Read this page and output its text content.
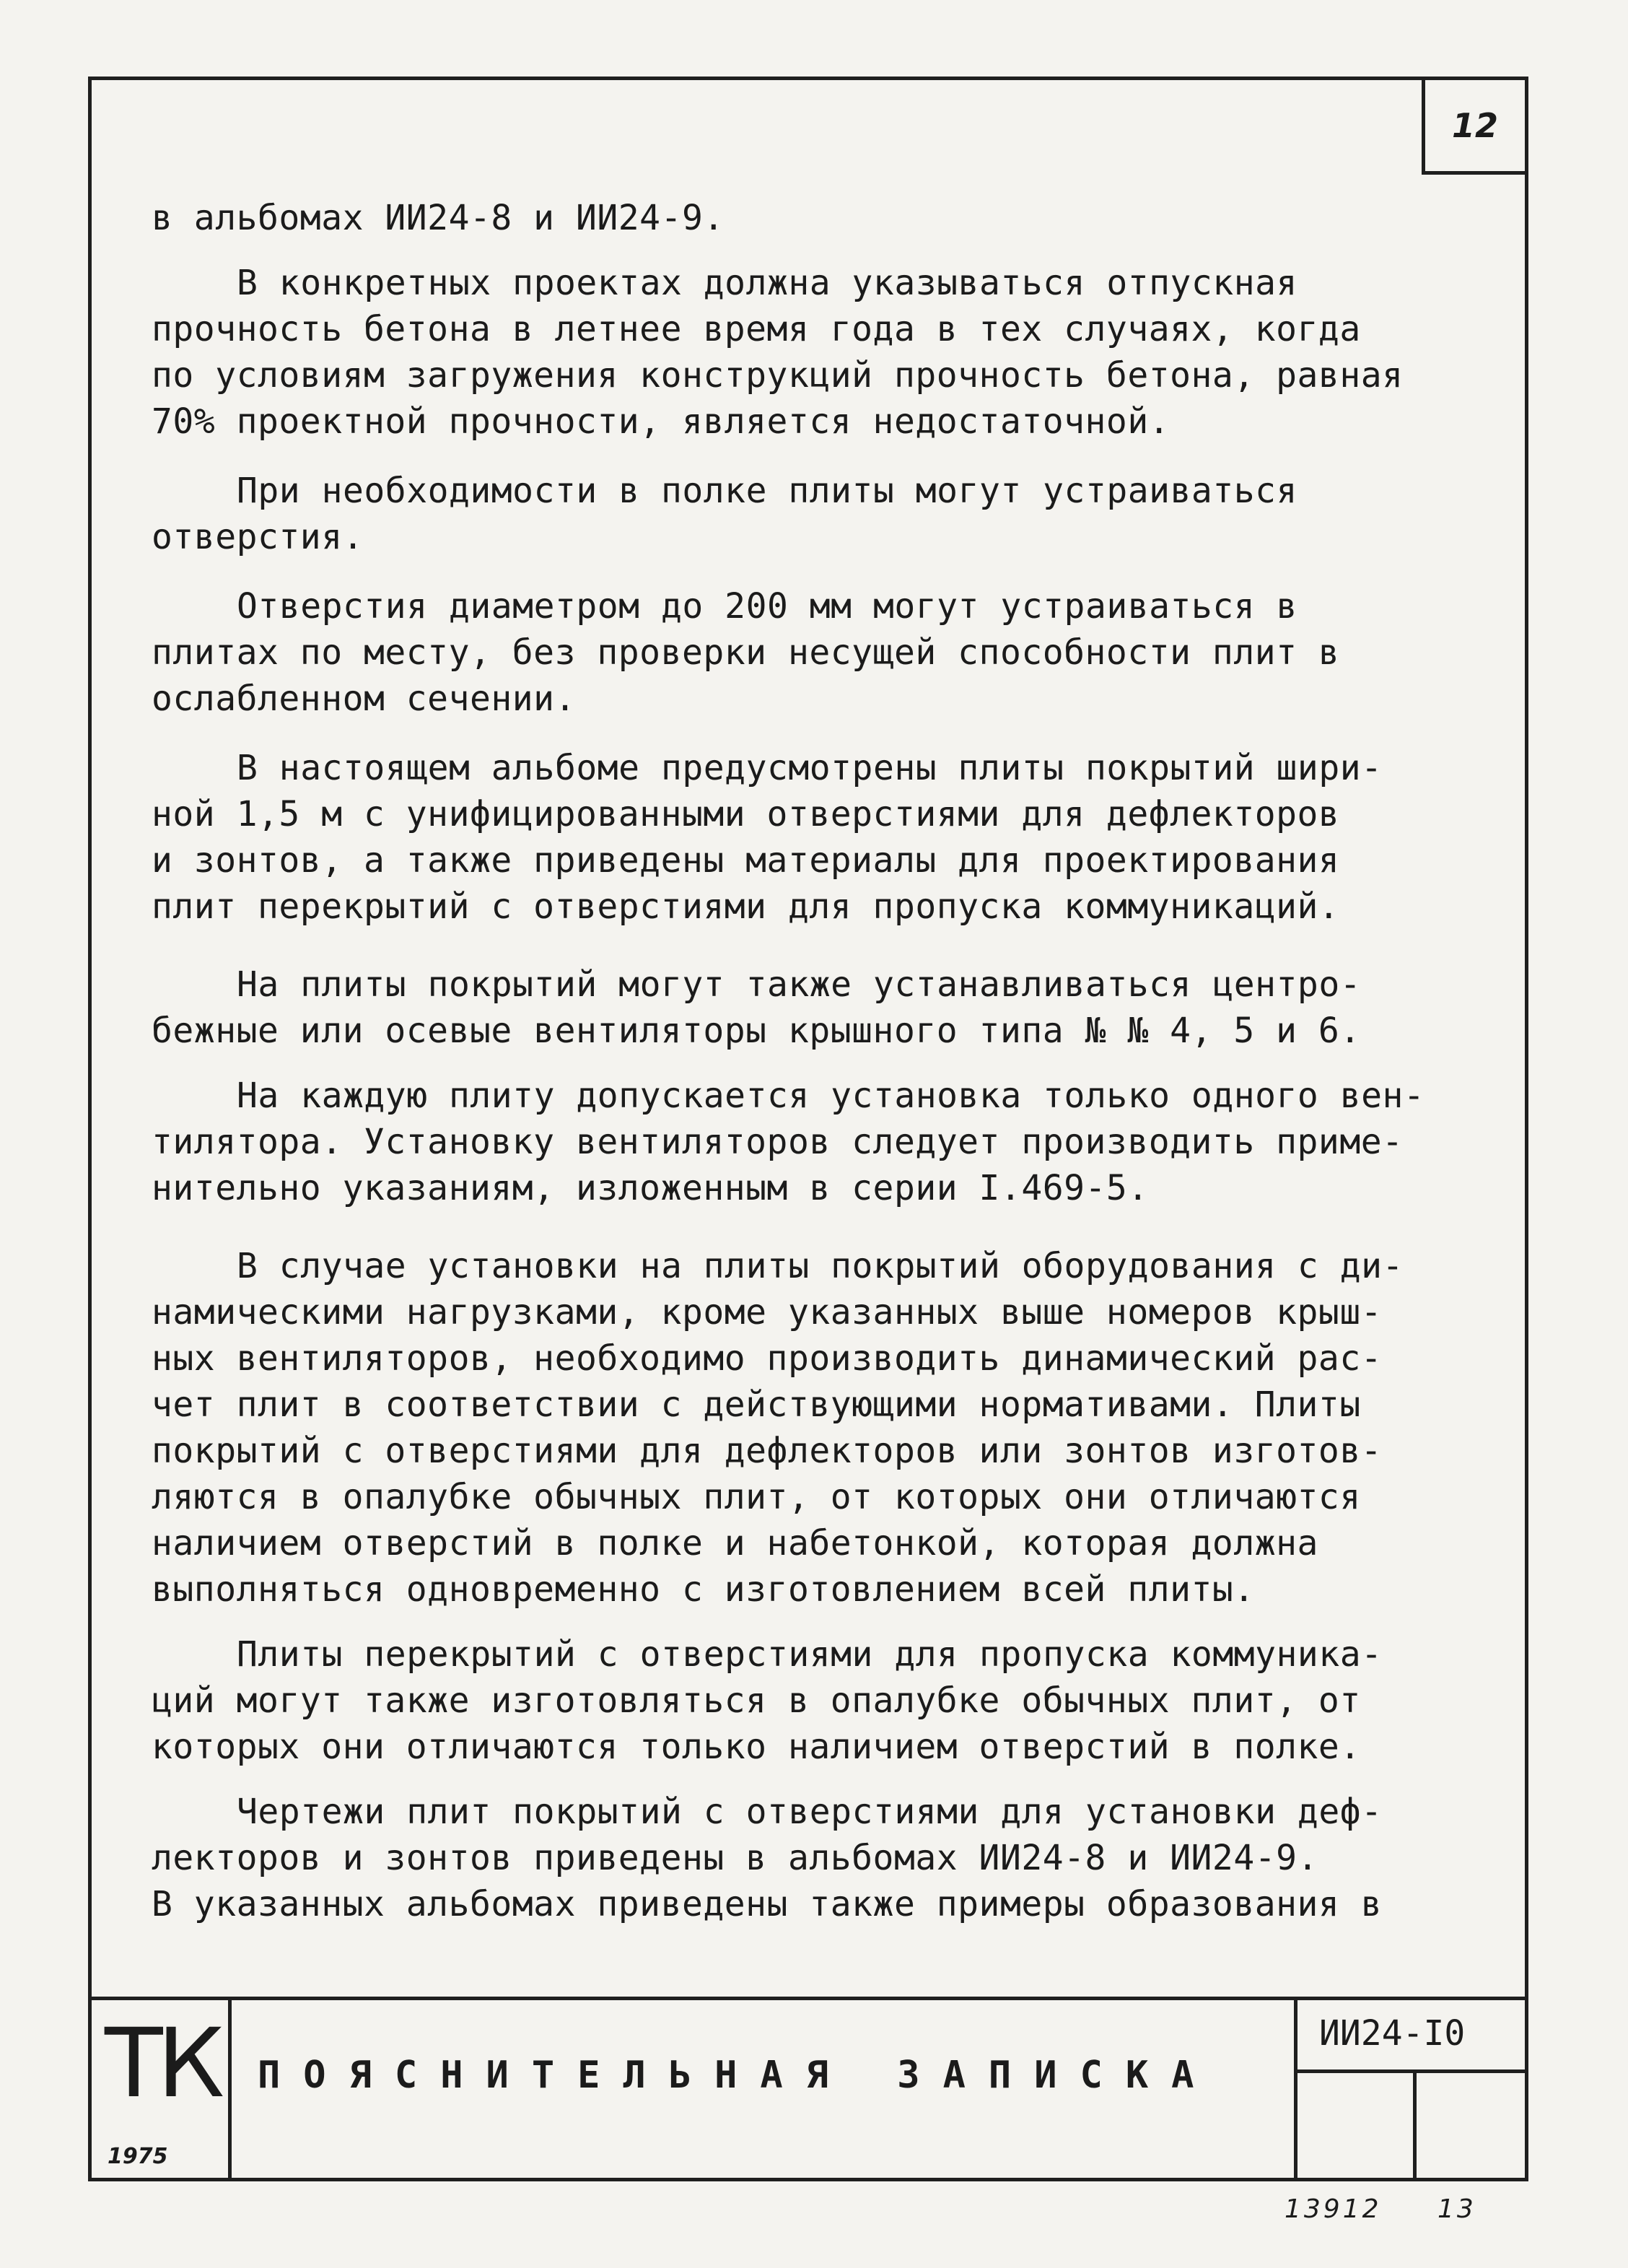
12
ТК
1975
ПОЯСНИТЕЛЬНАЯ ЗАПИСКА
ИИ24-I0

в альбомах ИИ24-8 и ИИ24-9.

В конкретных проектах должна указываться отпускная

прочность бетона в летнее время года в тех случаях, когда

по условиям загружения конструкций прочность бетона, равная

70% проектной прочности, является недостаточной.

При необходимости в полке плиты могут устраиваться

отверстия.

Отверстия диаметром до 200 мм могут устраиваться в

плитах по месту, без проверки несущей способности плит в

ослабленном сечении.

В настоящем альбоме предусмотрены плиты покрытий шири-

ной 1,5 м с унифицированными отверстиями для дефлекторов

и зонтов, а также приведены материалы для проектирования

плит перекрытий с отверстиями для пропуска коммуникаций.

На плиты покрытий могут также устанавливаться центро-

бежные или осевые вентиляторы крышного типа № № 4, 5 и 6.

На каждую плиту допускается установка только одного вен-

тилятора. Установку вентиляторов следует производить приме-

нительно указаниям, изложенным в серии I.469-5.

В случае установки на плиты покрытий оборудования с ди-

намическими нагрузками, кроме указанных выше номеров крыш-

ных вентиляторов, необходимо производить динамический рас-

чет плит в соответствии с действующими нормативами. Плиты

покрытий с отверстиями для дефлекторов или зонтов изготов-

ляются в опалубке обычных плит, от которых они отличаются

наличием отверстий в полке и набетонкой, которая должна

выполняться одновременно с изготовлением всей плиты.

Плиты перекрытий с отверстиями для пропуска коммуника-

ций могут также изготовляться в опалубке обычных плит, от

которых они отличаются только наличием отверстий в полке.

Чертежи плит покрытий с отверстиями для установки деф-

лекторов и зонтов приведены в альбомах ИИ24-8 и ИИ24-9.

В указанных альбомах приведены также примеры образования в

13912 13
